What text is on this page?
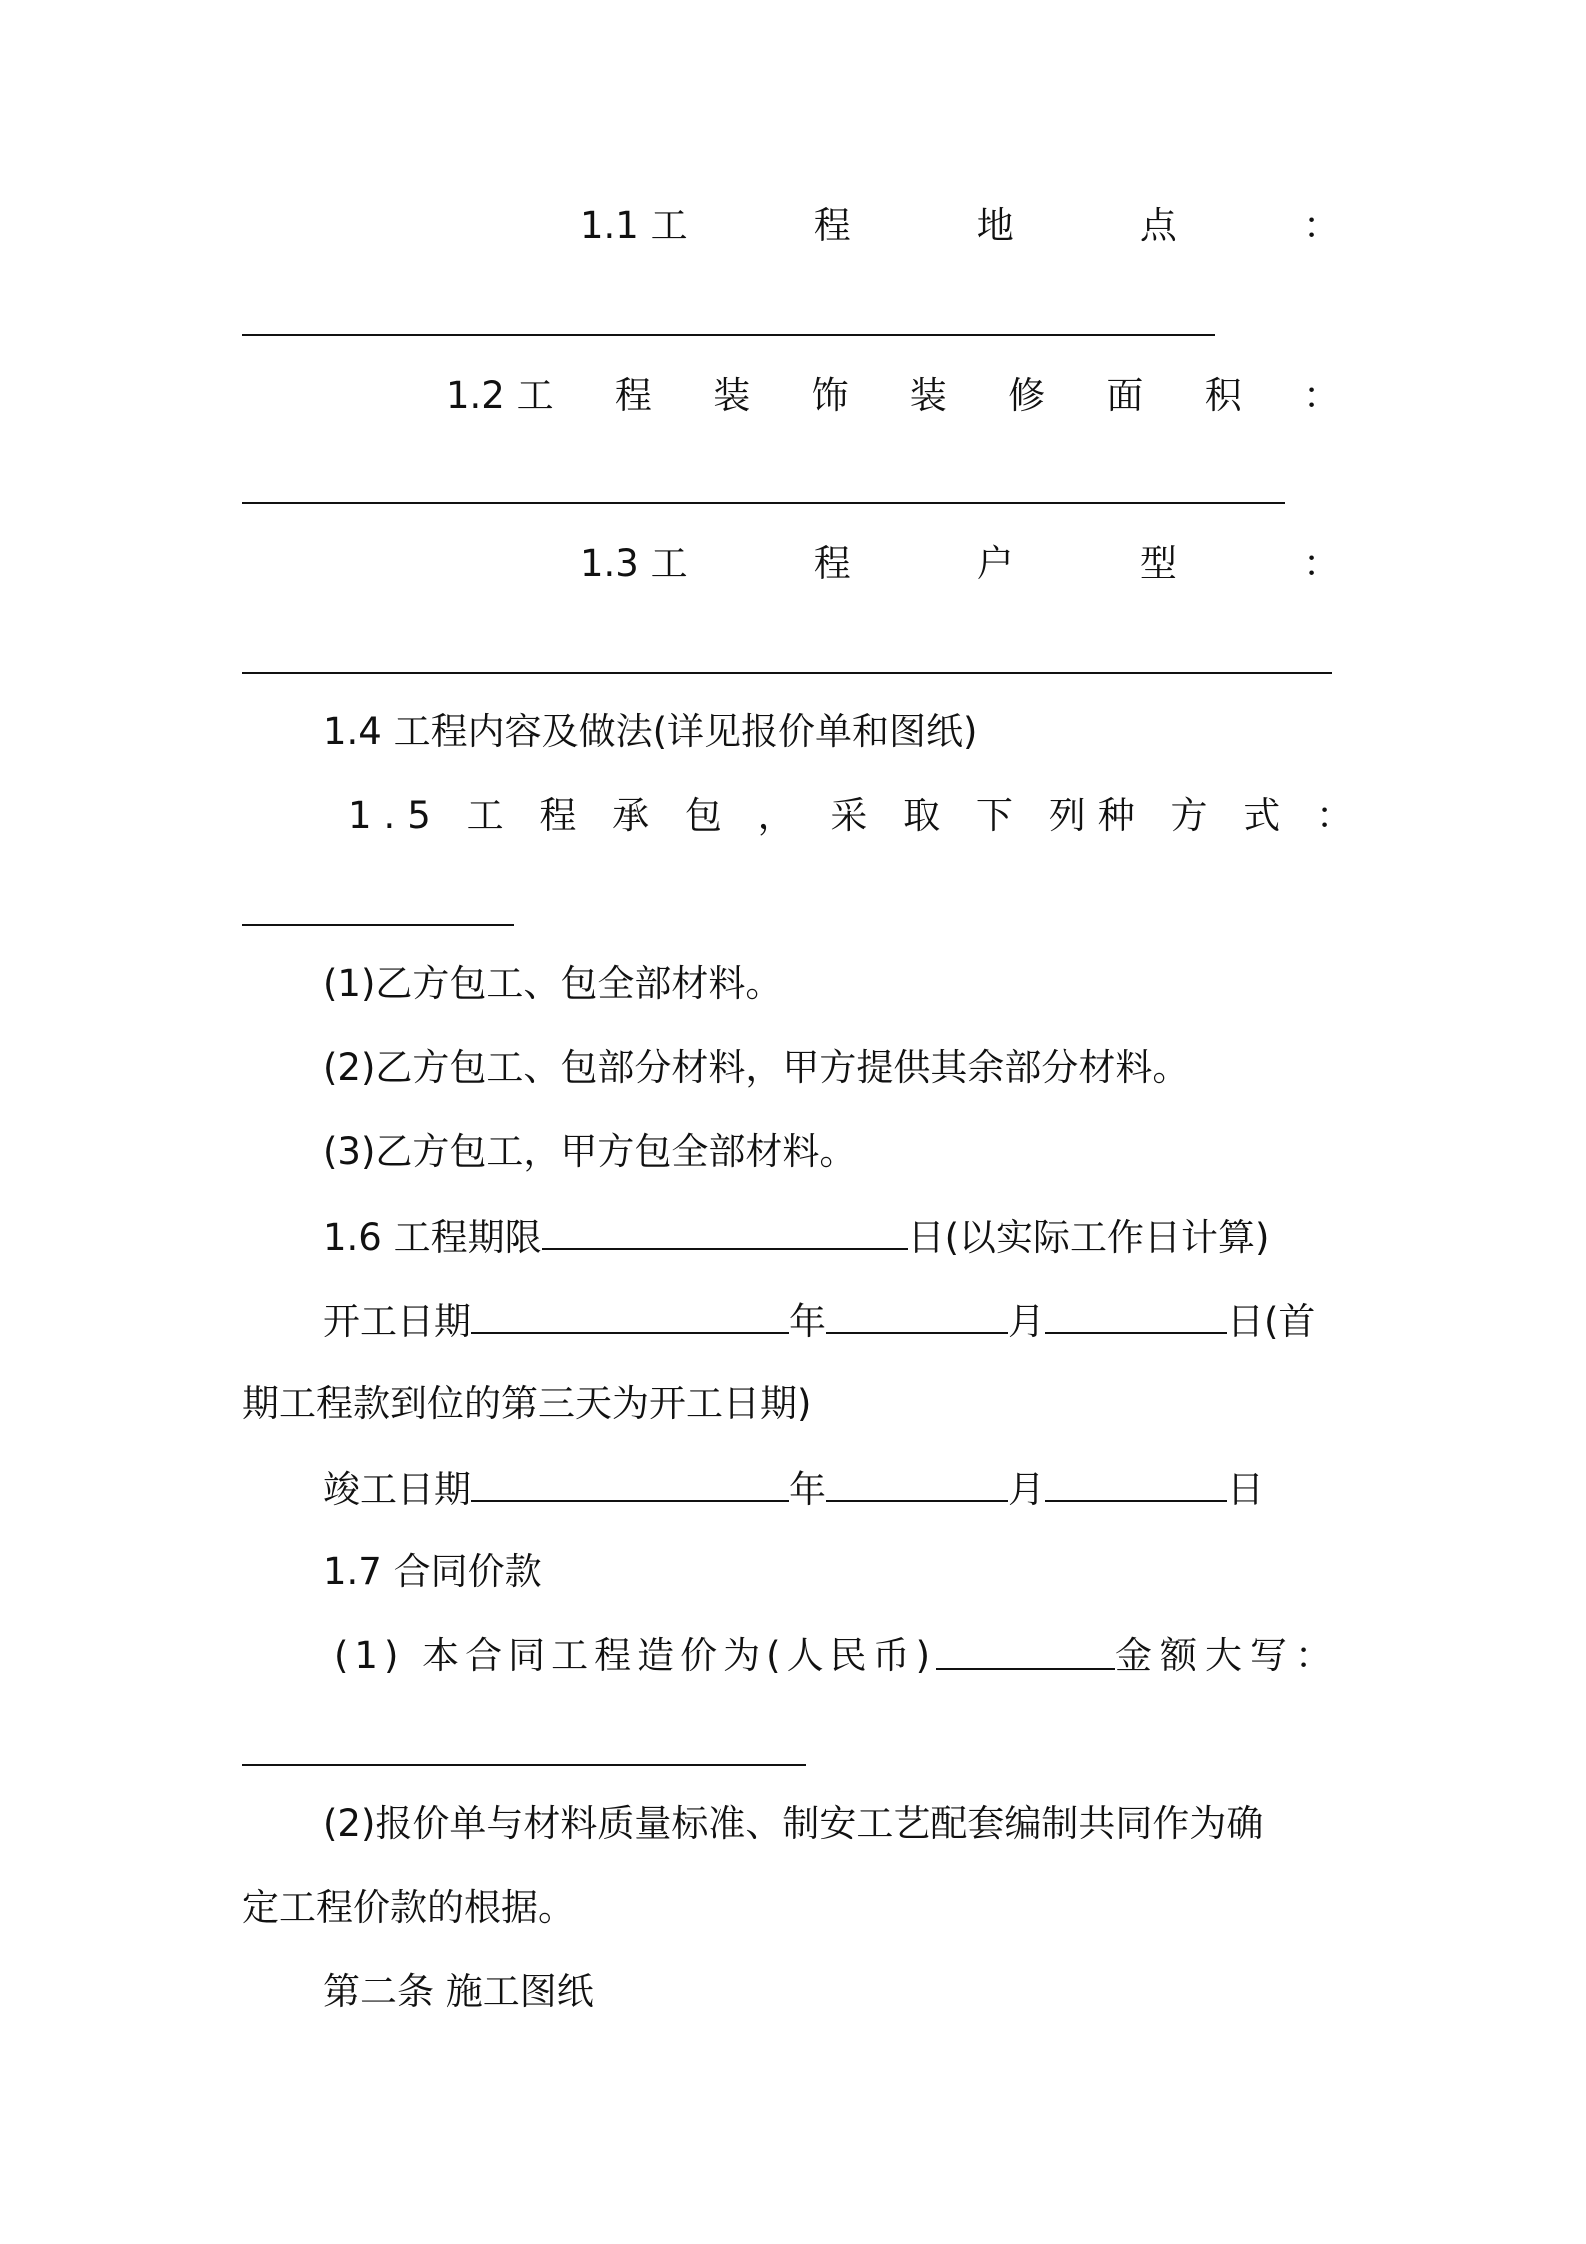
1.1 工	程	地	点	：
1.2 工 程 装 饰 装 修 面 积 ：
1.3 工	程	户	型	：
1.4 工程内容及做法(详见报价单和图纸)
1.5 工 程 承 包 ， 采 取 下 列 种 方 式 ：
(1)乙方包工、包全部材料。
(2)乙方包工、包部分材料，甲方提供其余部分材料。
(3)乙方包工，甲方包全部材料。
1.6 工程期限	日(以实际工作日计算)
开工日期	年	月	日(首
期工程款到位的第三天为开工日期)
竣工日期	年	月	日
1.7 合同价款
(1) 本合同工程造价为(人民币)	金额大写：
(2)报价单与材料质量标准、制安工艺配套编制共同作为确
定工程价款的根据。
第二条 施工图纸
